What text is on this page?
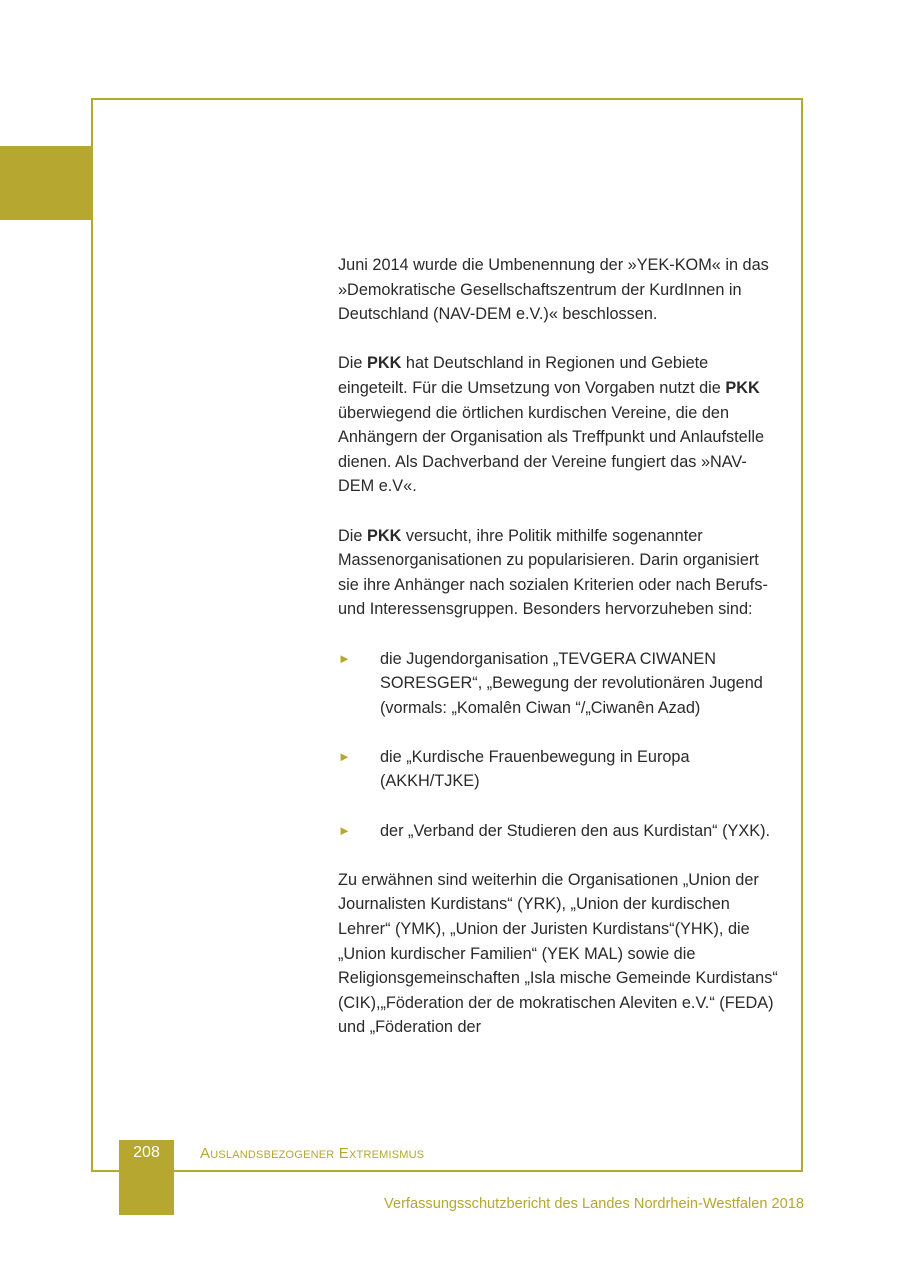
Juni 2014 wurde die Umbenennung der »YEK-KOM« in das »Demokratische Gesellschaftszentrum der KurdInnen in Deutschland (NAV-DEM e.V.)« beschlossen.

Die PKK hat Deutschland in Regionen und Gebiete eingeteilt. Für die Umsetzung von Vorgaben nutzt die PKK überwiegend die örtlichen kurdischen Vereine, die den Anhängern der Organisation als Treffpunkt und Anlaufstelle dienen. Als Dachverband der Vereine fungiert das »NAV-DEM e.V«.

Die PKK versucht, ihre Politik mithilfe sogenannter Massenorganisationen zu popularisieren. Darin organisiert sie ihre Anhänger nach sozialen Kriterien oder nach Berufs- und Interessensgruppen. Besonders hervorzuheben sind:

►	die Jugendorganisation „TEVGERA CIWANEN SORESGER“, „Bewegung der revolutionären Jugend (vormals: „Komalên Ciwan “/„Ciwanên Azad)
►	die „Kurdische Frauenbewegung in Europa (AKKH/TJKE)
►	der „Verband der Studieren den aus Kurdistan“ (YXK).

Zu erwähnen sind weiterhin die Organisationen „Union der Journalisten Kurdistans“ (YRK), „Union der kurdischen Lehrer“ (YMK), „Union der Juristen Kurdistans“(YHK), die „Union kurdischer Familien“ (YEK MAL) sowie die Religionsgemeinschaften „Isla mische Gemeinde Kurdistans“ (CIK),„Föderation der de mokratischen Aleviten e.V.“ (FEDA) und „Föderation der

208	Auslandsbezogener Extremismus
Verfassungsschutzbericht des Landes Nordrhein-Westfalen 2018
